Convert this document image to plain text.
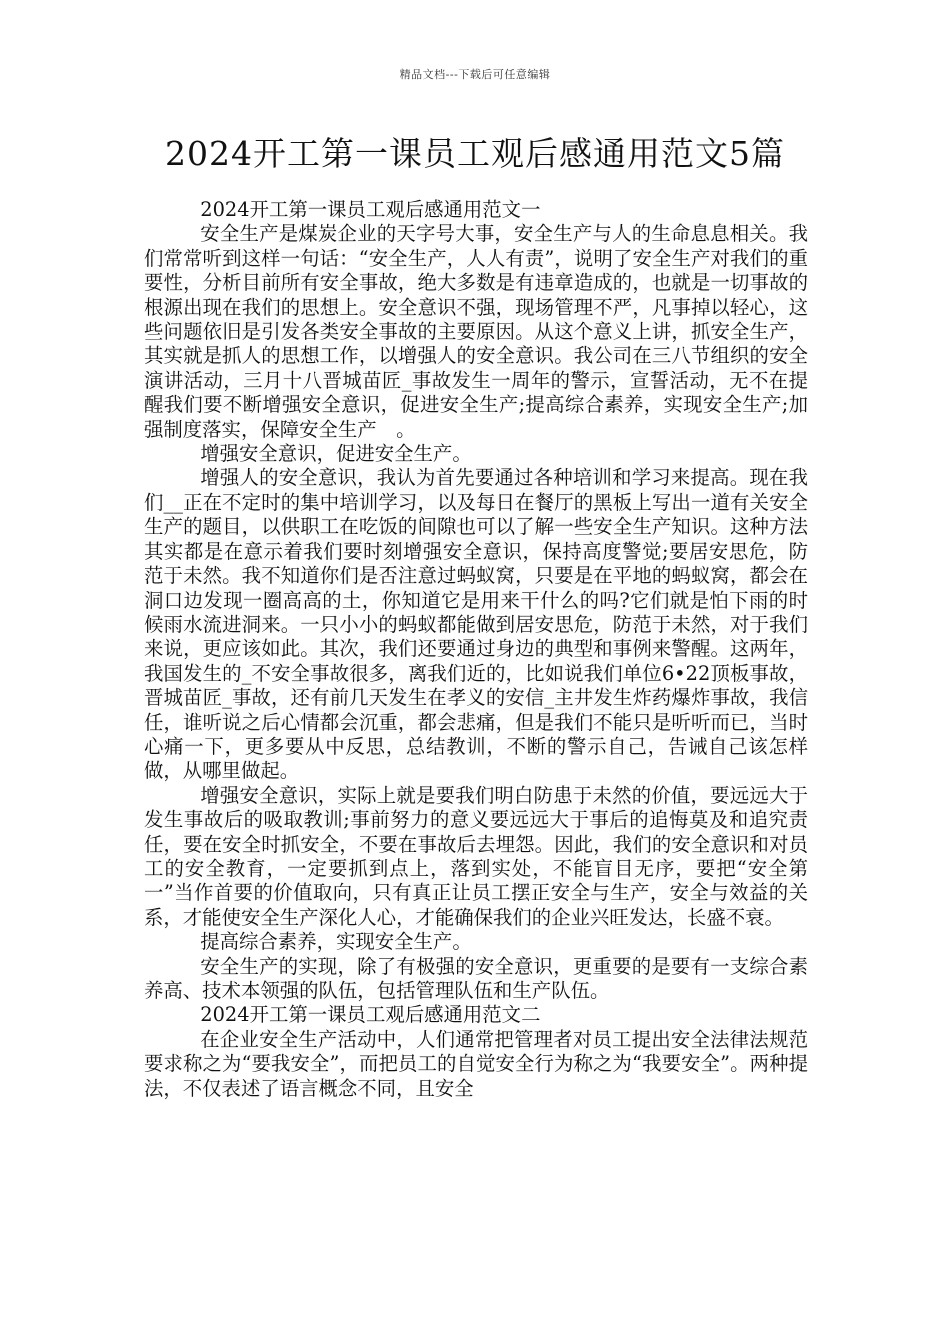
精品文档---下载后可任意编辑
2024开工第一课员工观后感通用范文5篇

2024开工第一课员工观后感通用范文一

安全生产是煤炭企业的天字号大事，安全生产与人的生命息息相关。我们常常听到这样一句话：“安全生产，人人有责”，说明了安全生产对我们的重要性，分析目前所有安全事故，绝大多数是有违章造成的，也就是一切事故的根源出现在我们的思想上。安全意识不强，现场管理不严，凡事掉以轻心，这些问题依旧是引发各类安全事故的主要原因。从这个意义上讲，抓安全生产，其实就是抓人的思想工作，以增强人的安全意识。我公司在三八节组织的安全演讲活动，三月十八晋城苗匠_事故发生一周年的警示，宣誓活动，无不在提醒我们要不断增强安全意识，促进安全生产;提高综合素养，实现安全生产;加强制度落实，保障安全生产　。

增强安全意识，促进安全生产。

增强人的安全意识，我认为首先要通过各种培训和学习来提高。现在我们__正在不定时的集中培训学习，以及每日在餐厅的黑板上写出一道有关安全生产的题目，以供职工在吃饭的间隙也可以了解一些安全生产知识。这种方法其实都是在意示着我们要时刻增强安全意识，保持高度警觉;要居安思危，防范于未然。我不知道你们是否注意过蚂蚁窝，只要是在平地的蚂蚁窝，都会在洞口边发现一圈高高的土，你知道它是用来干什么的吗?它们就是怕下雨的时候雨水流进洞来。一只小小的蚂蚁都能做到居安思危，防范于未然，对于我们来说，更应该如此。其次，我们还要通过身边的典型和事例来警醒。这两年，我国发生的_不安全事故很多，离我们近的，比如说我们单位6•22顶板事故，晋城苗匠_事故，还有前几天发生在孝义的安信_主井发生炸药爆炸事故，我信任，谁听说之后心情都会沉重，都会悲痛，但是我们不能只是听听而已，当时心痛一下，更多要从中反思，总结教训，不断的警示自己，告诫自己该怎样做，从哪里做起。

增强安全意识，实际上就是要我们明白防患于未然的价值，要远远大于发生事故后的吸取教训;事前努力的意义要远远大于事后的追悔莫及和追究责任，要在安全时抓安全，不要在事故后去埋怨。因此，我们的安全意识和对员工的安全教育，一定要抓到点上，落到实处，不能盲目无序，要把“安全第一”当作首要的价值取向，只有真正让员工摆正安全与生产，安全与效益的关系，才能使安全生产深化人心，才能确保我们的企业兴旺发达，长盛不衰。

提高综合素养，实现安全生产。

安全生产的实现，除了有极强的安全意识，更重要的是要有一支综合素养高、技术本领强的队伍，包括管理队伍和生产队伍。

2024开工第一课员工观后感通用范文二

在企业安全生产活动中，人们通常把管理者对员工提出安全法律法规范要求称之为“要我安全”，而把员工的自觉安全行为称之为“我要安全”。两种提法，不仅表述了语言概念不同，且安全
